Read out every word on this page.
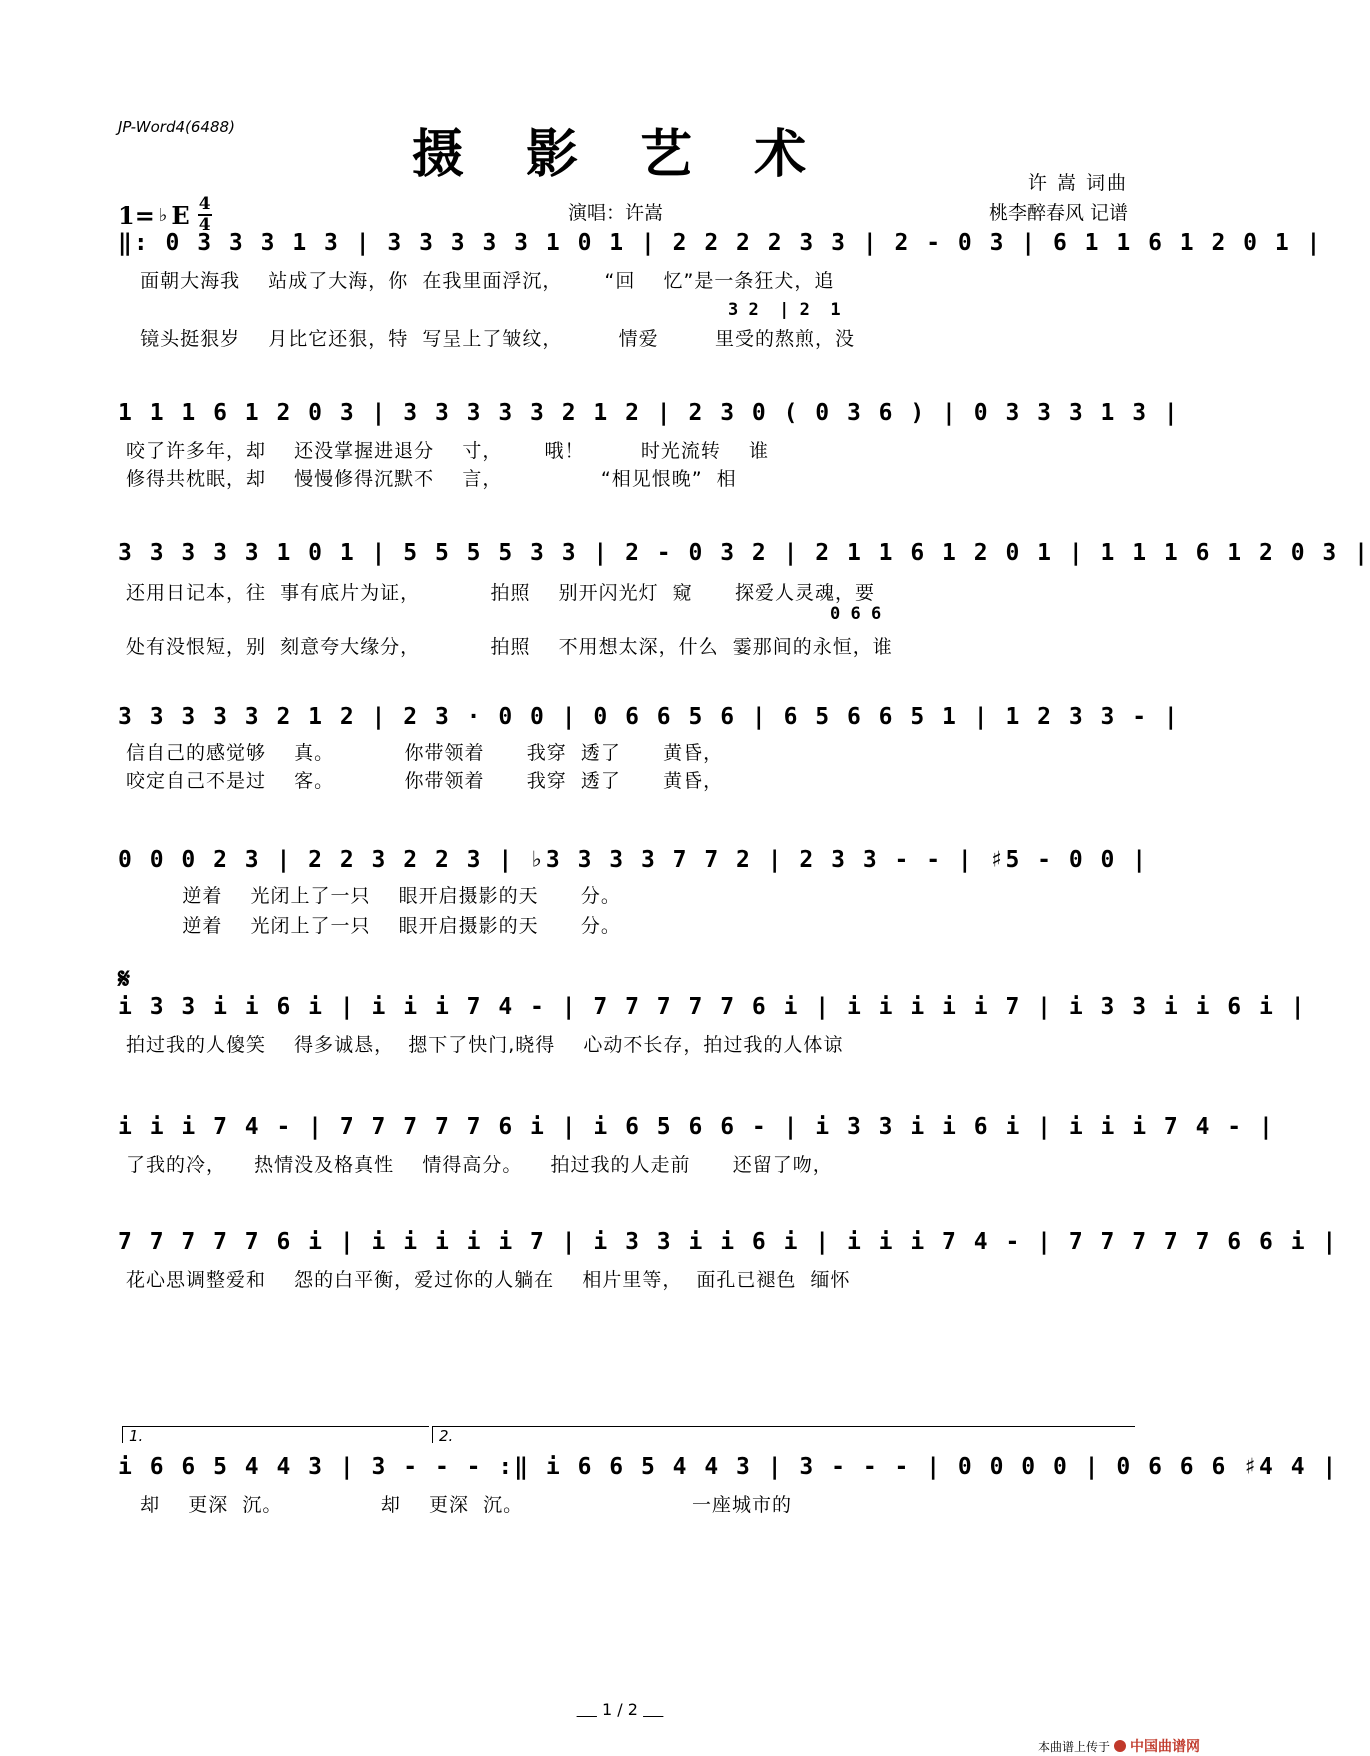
JP-Word4(6488)	摄 影 艺 术
1= ♭ E 4
4
演唱：许嵩
许 嵩 词曲
桃李醉春风 记谱
‖: 0 3 3 3 1 3 | 3 3 3 3 3 1 0 1 | 2 2 2 2 3 3 | 2 - 0 3 | 6 1 1 6 1 2 0 1 |
面朝大海我    站成了大海，你  在我里面浮沉，      “回    忆”是一条狂犬，追
3 2  | 2  1
镜头挺狠岁    月比它还狠，特  写呈上了皱纹，        情爱        里受的熬煎，没
1 1 1 6 1 2 0 3 | 3 3 3 3 3 2 1 2 | 2 3 0 ( 0 3 6 ) | 0 3 3 3 1 3 |
咬了许多年，却    还没掌握进退分    寸，      哦！        时光流转    谁
修得共枕眠，却    慢慢修得沉默不    言，              “相见恨晚”  相
3 3 3 3 3 1 0 1 | 5 5 5 5 3 3 | 2 - 0 3 2 | 2 1 1 6 1 2 0 1 | 1 1 1 6 1 2 0 3 |
还用日记本，往  事有底片为证，          拍照    别开闪光灯  窥      探爱人灵魂，要
0 6 6
处有没恨短，别  刻意夸大缘分，          拍照    不用想太深，什么  霎那间的永恒，谁
3 3 3 3 3 2 1 2 | 2 3 · 0 0 | 0 6 6 5 6 | 6 5 6 6 5 1 | 1 2 3 3 - |
信自己的感觉够    真。          你带领着      我穿  透了      黄昏，
咬定自己不是过    客。          你带领着      我穿  透了      黄昏，
0 0 0 2 3 | 2 2 3 2 2 3 | ♭3 3 3 3 7 7 2 | 2 3 3 - - | ♯5 - 0 0 |
逆着    光闭上了一只    眼开启摄影的天      分。
逆着    光闭上了一只    眼开启摄影的天      分。
𝄋
i 3 3 i i 6 i | i i i 7 4 - | 7 7 7 7 7 6 i | i i i i i 7 | i 3 3 i i 6 i |
拍过我的人傻笑    得多诚恳，  摁下了快门,晓得    心动不长存，拍过我的人体谅
i i i 7 4 - | 7 7 7 7 7 6 i | i 6 5 6 6 - | i 3 3 i i 6 i | i i i 7 4 - |
了我的冷，    热情没及格真性    情得高分。    拍过我的人走前      还留了吻，
7 7 7 7 7 6 i | i i i i i 7 | i 3 3 i i 6 i | i i i 7 4 - | 7 7 7 7 7 6 6 i |
花心思调整爱和    怨的白平衡，爱过你的人躺在    相片里等，  面孔已褪色  缅怀
1.	2.
i 6 6 5 4 4 3 | 3 - - - :‖ i 6 6 5 4 4 3 | 3 - - - | 0 0 0 0 | 0 6 6 6 ♯4 4 |
却    更深  沉。              却    更深  沉。                        一座城市的
1 / 2
本曲谱上传于 中国曲谱网
